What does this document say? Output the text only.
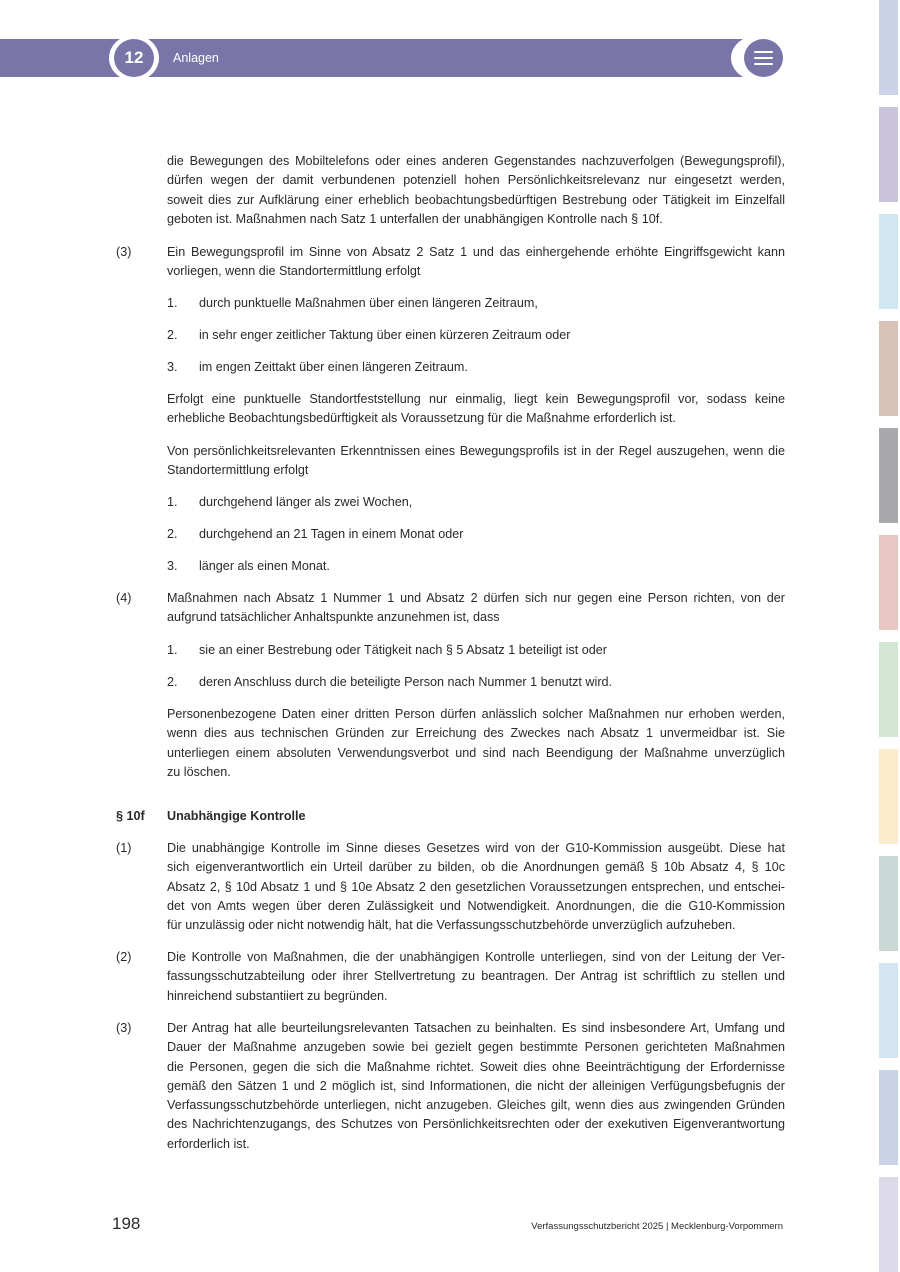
12	Anlagen

die Bewegungen des Mobiltelefons oder eines anderen Gegenstandes nachzuverfolgen (Bewegungsprofil),
dürfen wegen der damit verbundenen potenziell hohen Persönlichkeitsrelevanz nur eingesetzt werden,
soweit dies zur Aufklärung einer erheblich beobachtungsbedürftigen Bestrebung oder Tätigkeit im Einzelfall
geboten ist. Maßnahmen nach Satz 1 unterfallen der unabhängigen Kontrolle nach § 10f.

(3)	Ein Bewegungsprofil im Sinne von Absatz 2 Satz 1 und das einhergehende erhöhte Eingriffsgewicht kann
vorliegen, wenn die Standortermittlung erfolgt

1. durch punktuelle Maßnahmen über einen längeren Zeitraum,

2. in sehr enger zeitlicher Taktung über einen kürzeren Zeitraum oder

3. im engen Zeittakt über einen längeren Zeitraum.

Erfolgt eine punktuelle Standortfeststellung nur einmalig, liegt kein Bewegungsprofil vor, sodass keine
erhebliche Beobachtungsbedürftigkeit als Voraussetzung für die Maßnahme erforderlich ist.

Von persönlichkeitsrelevanten Erkenntnissen eines Bewegungsprofils ist in der Regel auszugehen, wenn die
Standortermittlung erfolgt

1. durchgehend länger als zwei Wochen,

2. durchgehend an 21 Tagen in einem Monat oder

3. länger als einen Monat.

(4)	Maßnahmen nach Absatz 1 Nummer 1 und Absatz 2 dürfen sich nur gegen eine Person richten, von der
aufgrund tatsächlicher Anhaltspunkte anzunehmen ist, dass

1. sie an einer Bestrebung oder Tätigkeit nach § 5 Absatz 1 beteiligt ist oder

2. deren Anschluss durch die beteiligte Person nach Nummer 1 benutzt wird.

Personenbezogene Daten einer dritten Person dürfen anlässlich solcher Maßnahmen nur erhoben werden,
wenn dies aus technischen Gründen zur Erreichung des Zweckes nach Absatz 1 unvermeidbar ist. Sie
unterliegen einem absoluten Verwendungsverbot und sind nach Beendigung der Maßnahme unverzüglich
zu löschen.

§ 10f	Unabhängige Kontrolle

(1)	Die unabhängige Kontrolle im Sinne dieses Gesetzes wird von der G10-Kommission ausgeübt. Diese hat
sich eigenverantwortlich ein Urteil darüber zu bilden, ob die Anordnungen gemäß § 10b Absatz 4, § 10c
Absatz 2, § 10d Absatz 1 und § 10e Absatz 2 den gesetzlichen Voraussetzungen entsprechen, und entschei-
det von Amts wegen über deren Zulässigkeit und Notwendigkeit. Anordnungen, die die G10-Kommission
für unzulässig oder nicht notwendig hält, hat die Verfassungsschutzbehörde unverzüglich aufzuheben.

(2)	Die Kontrolle von Maßnahmen, die der unabhängigen Kontrolle unterliegen, sind von der Leitung der Ver-
fassungsschutzabteilung oder ihrer Stellvertretung zu beantragen. Der Antrag ist schriftlich zu stellen und
hinreichend substantiiert zu begründen.

(3)	Der Antrag hat alle beurteilungsrelevanten Tatsachen zu beinhalten. Es sind insbesondere Art, Umfang und
Dauer der Maßnahme anzugeben sowie bei gezielt gegen bestimmte Personen gerichteten Maßnahmen
die Personen, gegen die sich die Maßnahme richtet. Soweit dies ohne Beeinträchtigung der Erfordernisse
gemäß den Sätzen 1 und 2 möglich ist, sind Informationen, die nicht der alleinigen Verfügungsbefugnis der
Verfassungsschutzbehörde unterliegen, nicht anzugeben. Gleiches gilt, wenn dies aus zwingenden Gründen
des Nachrichtenzugangs, des Schutzes von Persönlichkeitsrechten oder der exekutiven Eigenverantwortung
erforderlich ist.

198	Verfassungsschutzbericht 2025 | Mecklenburg-Vorpommern
